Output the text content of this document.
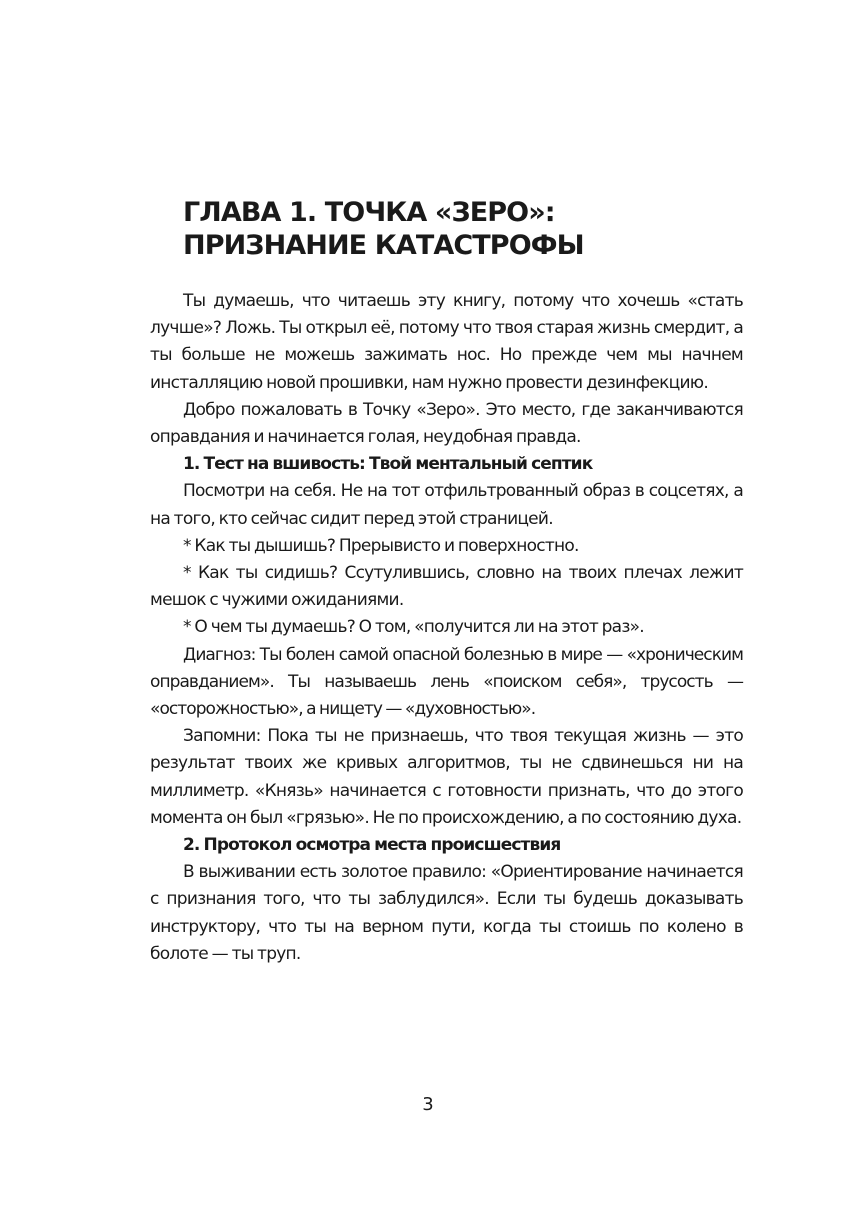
ГЛАВА 1. ТОЧКА «ЗЕРО»:
ПРИЗНАНИЕ КАТАСТРОФЫ

Ты думаешь, что читаешь эту книгу, потому что хочешь «стать лучше»? Ложь. Ты открыл её, потому что твоя старая жизнь смердит, а ты больше не можешь зажимать нос. Но прежде чем мы начнем инсталляцию новой прошивки, нам нужно провести дезинфекцию.

Добро пожаловать в Точку «Зеро». Это место, где заканчиваются оправдания и начинается голая, неудобная правда.

1. Тест на вшивость: Твой ментальный септик

Посмотри на себя. Не на тот отфильтрованный образ в соцсетях, а на того, кто сейчас сидит перед этой страницей.

* Как ты дышишь? Прерывисто и поверхностно.

* Как ты сидишь? Ссутулившись, словно на твоих плечах лежит мешок с чужими ожиданиями.

* О чем ты думаешь? О том, «получится ли на этот раз».

Диагноз: Ты болен самой опасной болезнью в мире — «хроническим оправданием». Ты называешь лень «поиском себя», трусость — «осторожностью», а нищету — «духовностью».

Запомни: Пока ты не признаешь, что твоя текущая жизнь — это результат твоих же кривых алгоритмов, ты не сдвинешься ни на миллиметр. «Князь» начинается с готовности признать, что до этого момента он был «грязью». Не по происхождению, а по состоянию духа.

2. Протокол осмотра места происшествия

В выживании есть золотое правило: «Ориентирование начинается с признания того, что ты заблудился». Если ты будешь доказывать инструктору, что ты на верном пути, когда ты стоишь по колено в болоте — ты труп.

3
